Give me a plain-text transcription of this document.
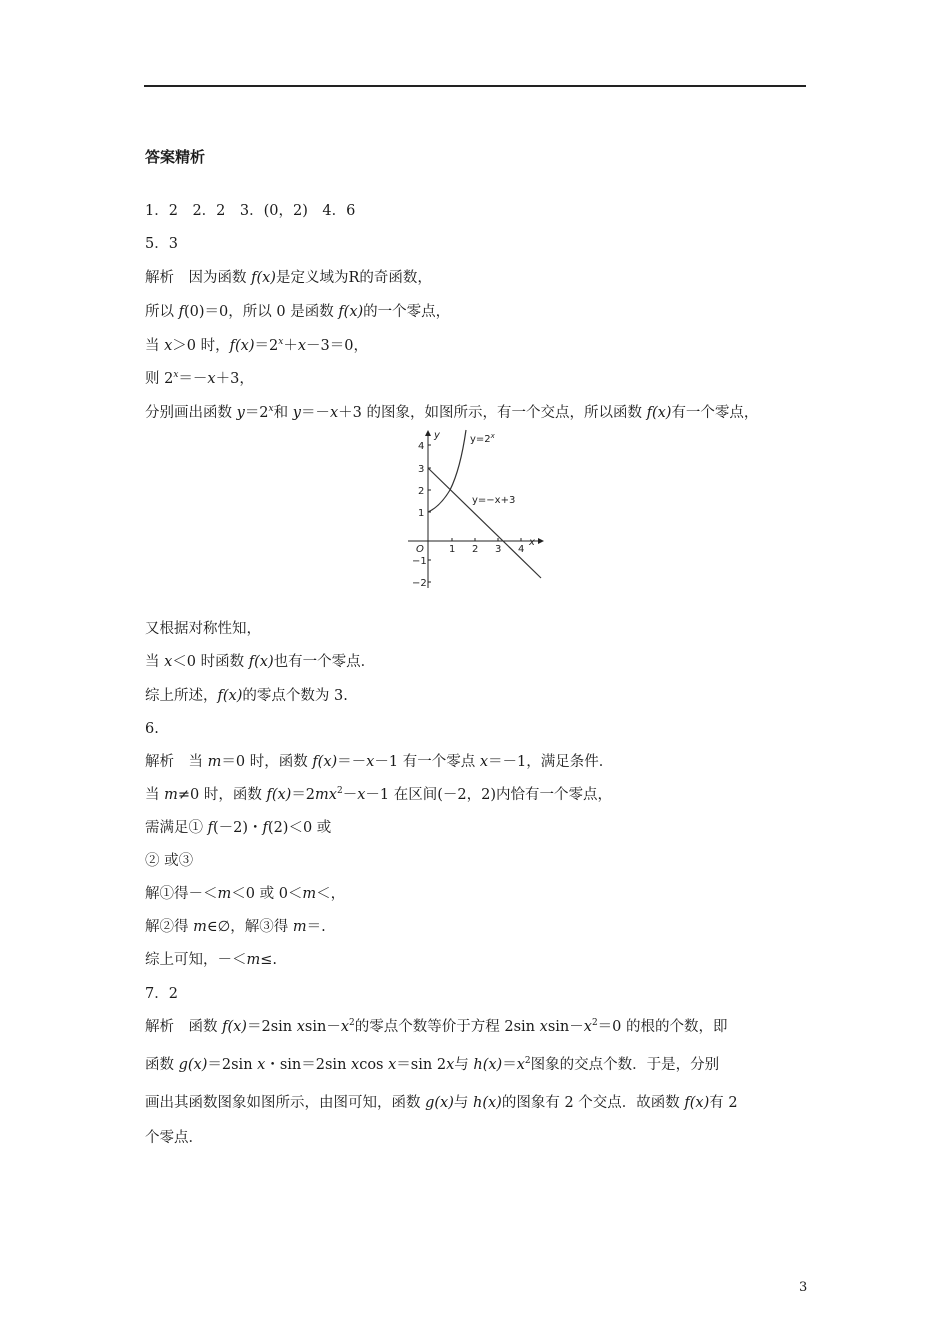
答案精析
1．2　2．2　3．(0，2)　4．6
5．3
解析　因为函数 f(x)是定义域为R的奇函数，
所以 f(0)＝0，所以 0 是函数 f(x)的一个零点，
当 x＞0 时，$f(x)=2^x+x-3=0$，
则 $2^x=-x+3$，
分别画出函数 $y=2^x$和 y＝－x＋3 的图象，如图所示，有一个交点，所以函数 f(x)有一个零点，
y
x
O
4
3
2
1
−1
−2
1 2 3 4
$y=2^x$
y=−x+3
又根据对称性知，
当 x＜0 时函数 f(x)也有一个零点．
综上所述，f(x)的零点个数为 3.
6.
解析　当 m＝0 时，函数 f(x)＝－x－1 有一个零点 x＝－1，满足条件．
当 m≠0 时，函数 $f(x)=2mx^2-x-1$ 在区间(－2，2)内恰有一个零点，
需满足① f(－2)・f(2)＜0 或
② 或③
解①得－＜m＜0 或 0＜m＜，
解②得 m∈∅，解③得 m＝.
综上可知，－＜m≤.
7．2
解析　函数 f(x)＝2sin $xsin-x^2$的零点个数等价于方程 2sin $xsin-x^2=0$ 的根的个数，即
函数 g(x)＝2sin x・sin＝2sin xcos x＝sin 2x与 $h(x)=x^2$图象的交点个数．于是，分别
画出其函数图象如图所示，由图可知，函数 g(x)与 h(x)的图象有 2 个交点．故函数 f(x)有 2
个零点．
3
